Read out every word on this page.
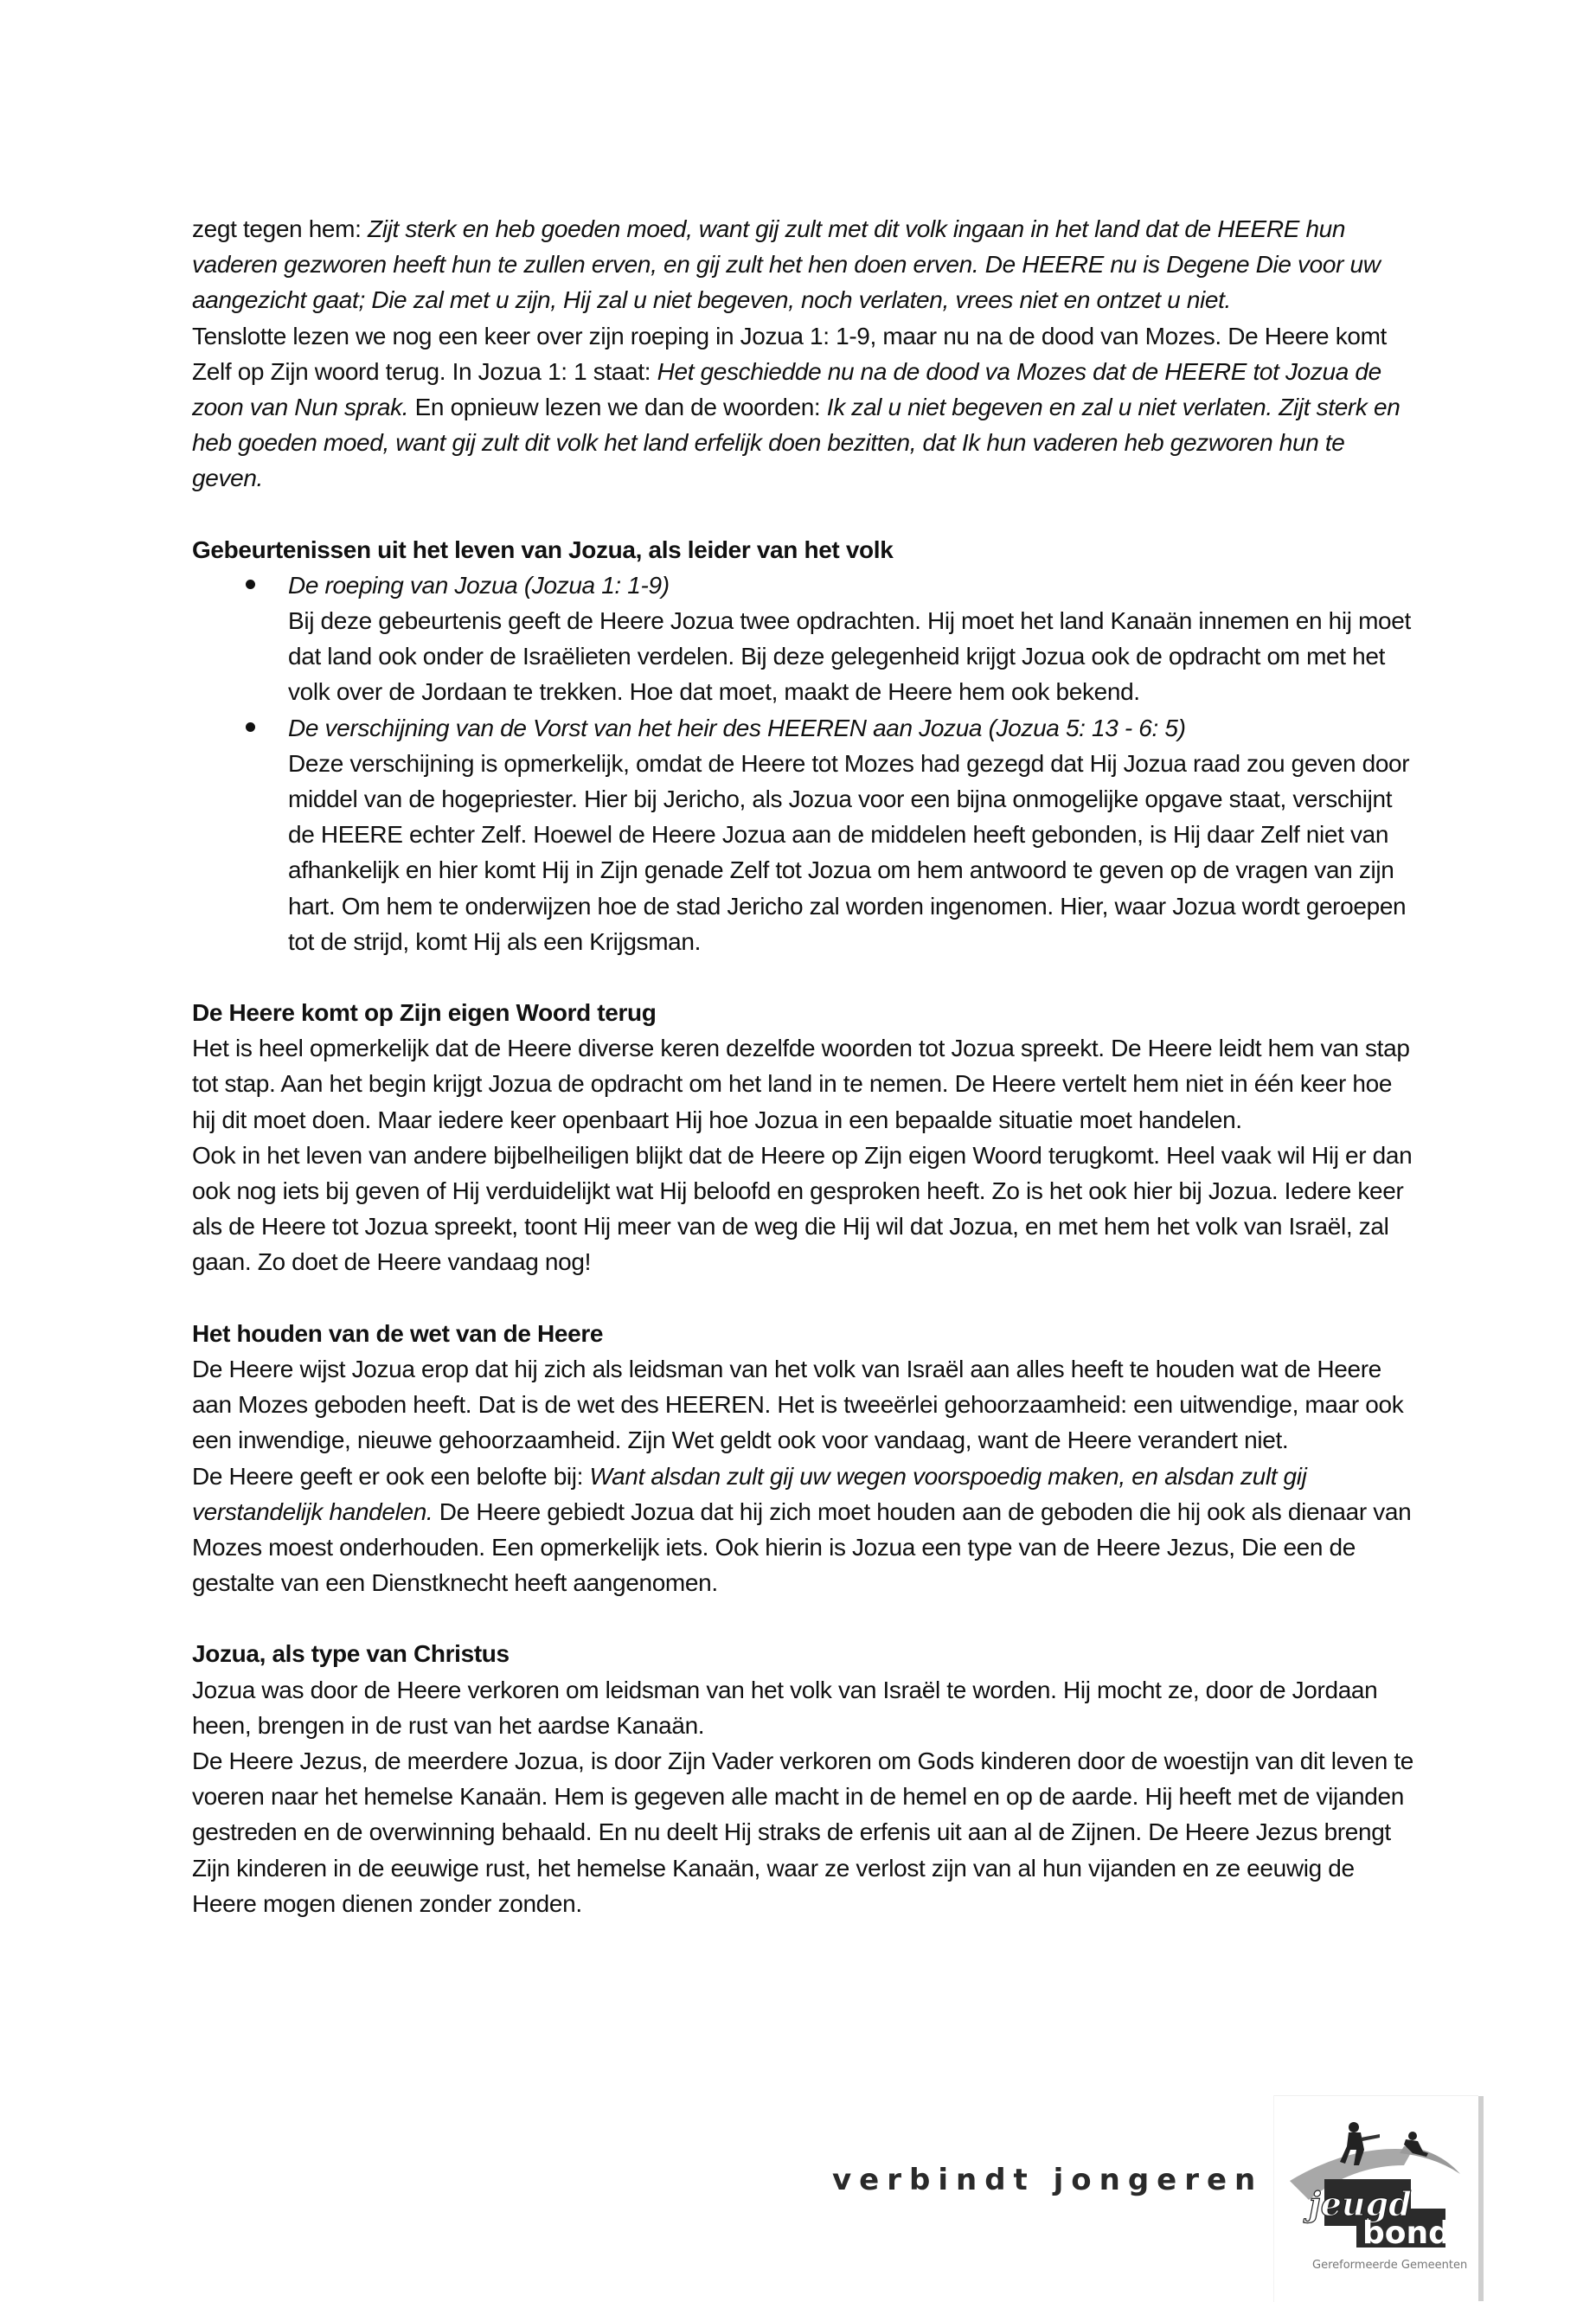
zegt tegen hem: Zijt sterk en heb goeden moed, want gij zult met dit volk ingaan in het land dat de HEERE hun vaderen gezworen heeft hun te zullen erven, en gij zult het hen doen erven. De HEERE nu is Degene Die voor uw aangezicht gaat; Die zal met u zijn, Hij zal u niet begeven, noch verlaten, vrees niet en ontzet u niet.

Tenslotte lezen we nog een keer over zijn roeping in Jozua 1: 1-9, maar nu na de dood van Mozes. De Heere komt Zelf op Zijn woord terug. In Jozua 1: 1 staat: Het geschiedde nu na de dood va Mozes dat de HEERE tot Jozua de zoon van Nun sprak. En opnieuw lezen we dan de woorden: Ik zal u niet begeven en zal u niet verlaten. Zijt sterk en heb goeden moed, want gij zult dit volk het land erfelijk doen bezitten, dat Ik hun vaderen heb gezworen hun te geven.

Gebeurtenissen uit het leven van Jozua, als leider van het volk

De roeping van Jozua (Jozua 1: 1-9)
Bij deze gebeurtenis geeft de Heere Jozua twee opdrachten. Hij moet het land Kanaän innemen en hij moet dat land ook onder de Israëlieten verdelen. Bij deze gelegenheid krijgt Jozua ook de opdracht om met het volk over de Jordaan te trekken. Hoe dat moet, maakt de Heere hem ook bekend.
De verschijning van de Vorst van het heir des HEEREN aan Jozua (Jozua 5: 13 - 6: 5)
Deze verschijning is opmerkelijk, omdat de Heere tot Mozes had gezegd dat Hij Jozua raad zou geven door middel van de hogepriester. Hier bij Jericho, als Jozua voor een bijna onmogelijke opgave staat, verschijnt de HEERE echter Zelf. Hoewel de Heere Jozua aan de middelen heeft gebonden, is Hij daar Zelf niet van afhankelijk en hier komt Hij in Zijn genade Zelf tot Jozua om hem antwoord te geven op de vragen van zijn hart. Om hem te onderwijzen hoe de stad Jericho zal worden ingenomen. Hier, waar Jozua wordt geroepen tot de strijd, komt Hij als een Krijgsman.

De Heere komt op Zijn eigen Woord terug

Het is heel opmerkelijk dat de Heere diverse keren dezelfde woorden tot Jozua spreekt. De Heere leidt hem van stap tot stap. Aan het begin krijgt Jozua de opdracht om het land in te nemen. De Heere vertelt hem niet in één keer hoe hij dit moet doen. Maar iedere keer openbaart Hij hoe Jozua in een bepaalde situatie moet handelen.

Ook in het leven van andere bijbelheiligen blijkt dat de Heere op Zijn eigen Woord terugkomt. Heel vaak wil Hij er dan ook nog iets bij geven of Hij verduidelijkt wat Hij beloofd en gesproken heeft. Zo is het ook hier bij Jozua. Iedere keer als de Heere tot Jozua spreekt, toont Hij meer van de weg die Hij wil dat Jozua, en met hem het volk van Israël, zal gaan. Zo doet de Heere vandaag nog!

Het houden van de wet van de Heere

De Heere wijst Jozua erop dat hij zich als leidsman van het volk van Israël aan alles heeft te houden wat de Heere aan Mozes geboden heeft. Dat is de wet des HEEREN. Het is tweeërlei gehoorzaamheid: een uitwendige, maar ook een inwendige, nieuwe gehoorzaamheid. Zijn Wet geldt ook voor vandaag, want de Heere verandert niet.

De Heere geeft er ook een belofte bij: Want alsdan zult gij uw wegen voorspoedig maken, en alsdan zult gij verstandelijk handelen. De Heere gebiedt Jozua dat hij zich moet houden aan de geboden die hij ook als dienaar van Mozes moest onderhouden. Een opmerkelijk iets. Ook hierin is Jozua een type van de Heere Jezus, Die een de gestalte van een Dienstknecht heeft aangenomen.

Jozua, als type van Christus

Jozua was door de Heere verkoren om leidsman van het volk van Israël te worden. Hij mocht ze, door de Jordaan heen, brengen in de rust van het aardse Kanaän.

De Heere Jezus, de meerdere Jozua, is door Zijn Vader verkoren om Gods kinderen door de woestijn van dit leven te voeren naar het hemelse Kanaän. Hem is gegeven alle macht in de hemel en op de aarde. Hij heeft met de vijanden gestreden en de overwinning behaald. En nu deelt Hij straks de erfenis uit aan al de Zijnen. De Heere Jezus brengt Zijn kinderen in de eeuwige rust, het hemelse Kanaän, waar ze verlost zijn van al hun vijanden en ze eeuwig de Heere mogen dienen zonder zonden.

verbindt jongeren
jeugd
bond
Gereformeerde Gemeenten
